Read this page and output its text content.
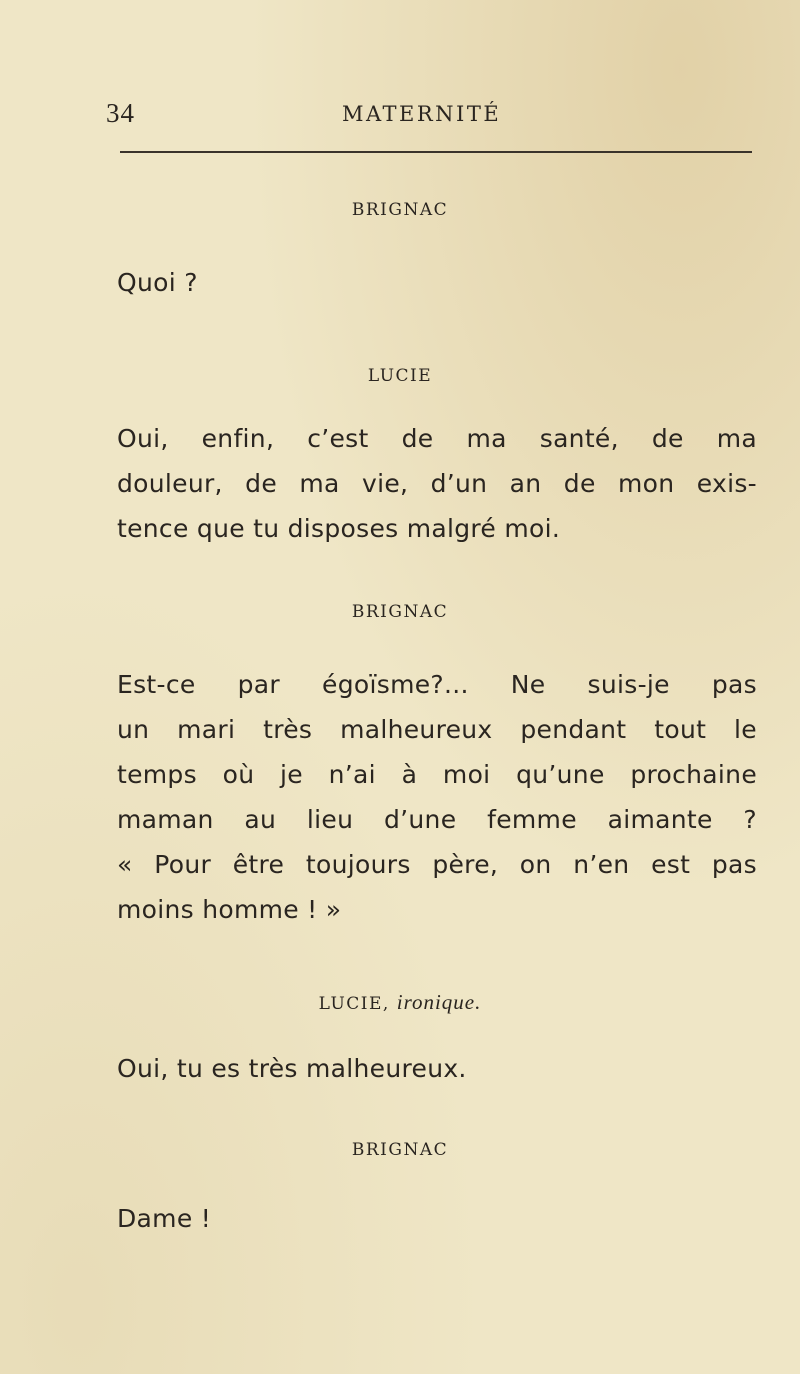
34	MATERNITÉ
BRIGNAC
Quoi ?
LUCIE
Oui, enfin, c’est de ma santé, de ma
douleur, de ma vie, d’un an de mon exis-
tence que tu disposes malgré moi.
BRIGNAC
Est-ce par égoïsme?... Ne suis-je pas
un mari très malheureux pendant tout le
temps où je n’ai à moi qu’une prochaine
maman au lieu d’une femme aimante ?
« Pour être toujours père, on n’en est pas
moins homme ! »
LUCIE, ironique.
Oui, tu es très malheureux.
BRIGNAC
Dame !
